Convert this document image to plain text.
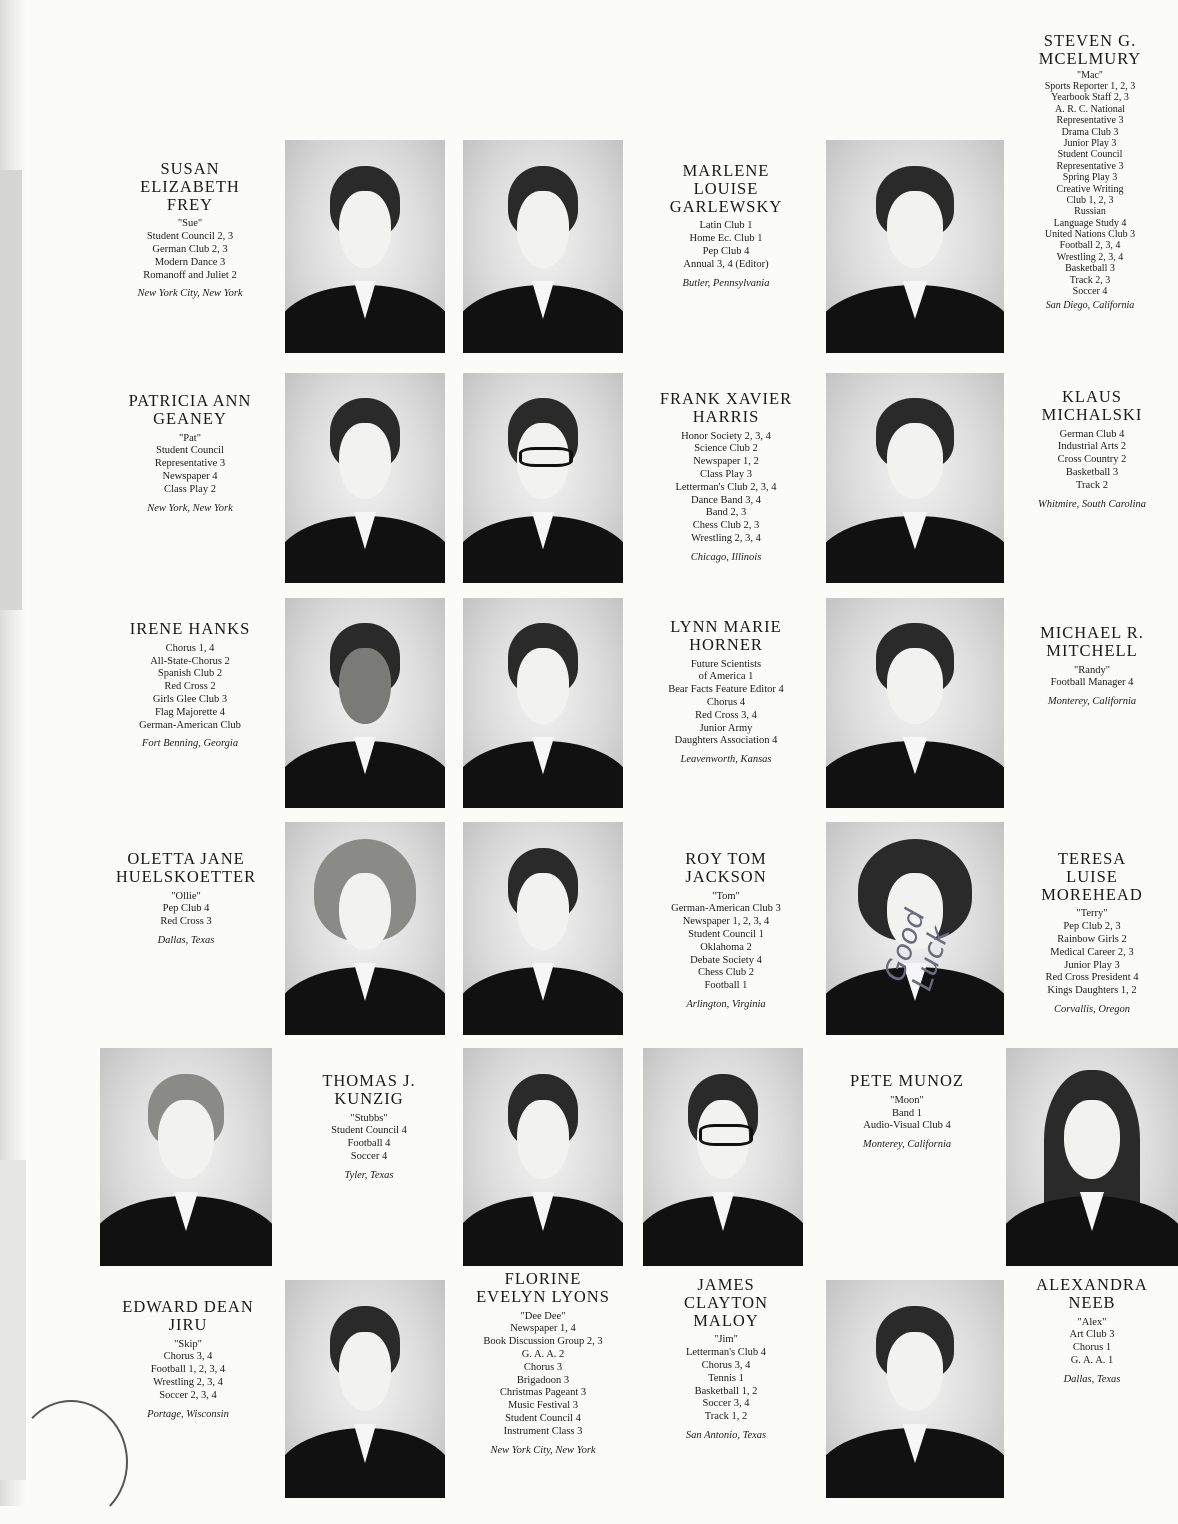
SUSAN
ELIZABETH
FREY
"Sue"
Student Council 2, 3
German Club 2, 3
Modern Dance 3
Romanoff and Juliet 2
New York City, New York
MARLENE
LOUISE
GARLEWSKY
Latin Club 1
Home Ec. Club 1
Pep Club 4
Annual 3, 4 (Editor)
Butler, Pennsylvania
STEVEN G.
MCELMURY
"Mac"
Sports Reporter 1, 2, 3
Yearbook Staff 2, 3
A. R. C. National
Representative 3
Drama Club 3
Junior Play 3
Student Council
Representative 3
Spring Play 3
Creative Writing
Club 1, 2, 3
Russian
Language Study 4
United Nations Club 3
Football 2, 3, 4
Wrestling 2, 3, 4
Basketball 3
Track 2, 3
Soccer 4
San Diego, California
PATRICIA ANN
GEANEY
"Pat"
Student Council
Representative 3
Newspaper 4
Class Play 2
New York, New York
FRANK XAVIER
HARRIS
Honor Society 2, 3, 4
Science Club 2
Newspaper 1, 2
Class Play 3
Letterman's Club 2, 3, 4
Dance Band 3, 4
Band 2, 3
Chess Club 2, 3
Wrestling 2, 3, 4
Chicago, Illinois
KLAUS
MICHALSKI
German Club 4
Industrial Arts 2
Cross Country 2
Basketball 3
Track 2
Whitmire, South Carolina
IRENE HANKS
Chorus 1, 4
All-State-Chorus 2
Spanish Club 2
Red Cross 2
Girls Glee Club 3
Flag Majorette 4
German-American Club
Fort Benning, Georgia
LYNN MARIE
HORNER
Future Scientists
of America 1
Bear Facts Feature Editor 4
Chorus 4
Red Cross 3, 4
Junior Army
Daughters Association 4
Leavenworth, Kansas
MICHAEL R.
MITCHELL
"Randy"
Football Manager 4
Monterey, California
OLETTA JANE
HUELSKOETTER
"Ollie"
Pep Club 4
Red Cross 3
Dallas, Texas
ROY TOM
JACKSON
"Tom"
German-American Club 3
Newspaper 1, 2, 3, 4
Student Council 1
Oklahoma 2
Debate Society 4
Chess Club 2
Football 1
Arlington, Virginia
TERESA
LUISE
MOREHEAD
"Terry"
Pep Club 2, 3
Rainbow Girls 2
Medical Career 2, 3
Junior Play 3
Red Cross President 4
Kings Daughters 1, 2
Corvallis, Oregon
THOMAS J.
KUNZIG
"Stubbs"
Student Council 4
Football 4
Soccer 4
Tyler, Texas
PETE MUNOZ
"Moon"
Band 1
Audio-Visual Club 4
Monterey, California
EDWARD DEAN
JIRU
"Skip"
Chorus 3, 4
Football 1, 2, 3, 4
Wrestling 2, 3, 4
Soccer 2, 3, 4
Portage, Wisconsin
FLORINE
EVELYN LYONS
"Dee Dee"
Newspaper 1, 4
Book Discussion Group 2, 3
G. A. A. 2
Chorus 3
Brigadoon 3
Christmas Pageant 3
Music Festival 3
Student Council 4
Instrument Class 3
New York City, New York
JAMES
CLAYTON
MALOY
"Jim"
Letterman's Club 4
Chorus 3, 4
Tennis 1
Basketball 1, 2
Soccer 3, 4
Track 1, 2
San Antonio, Texas
ALEXANDRA
NEEB
"Alex"
Art Club 3
Chorus 1
G. A. A. 1
Dallas, Texas
Good Luck
